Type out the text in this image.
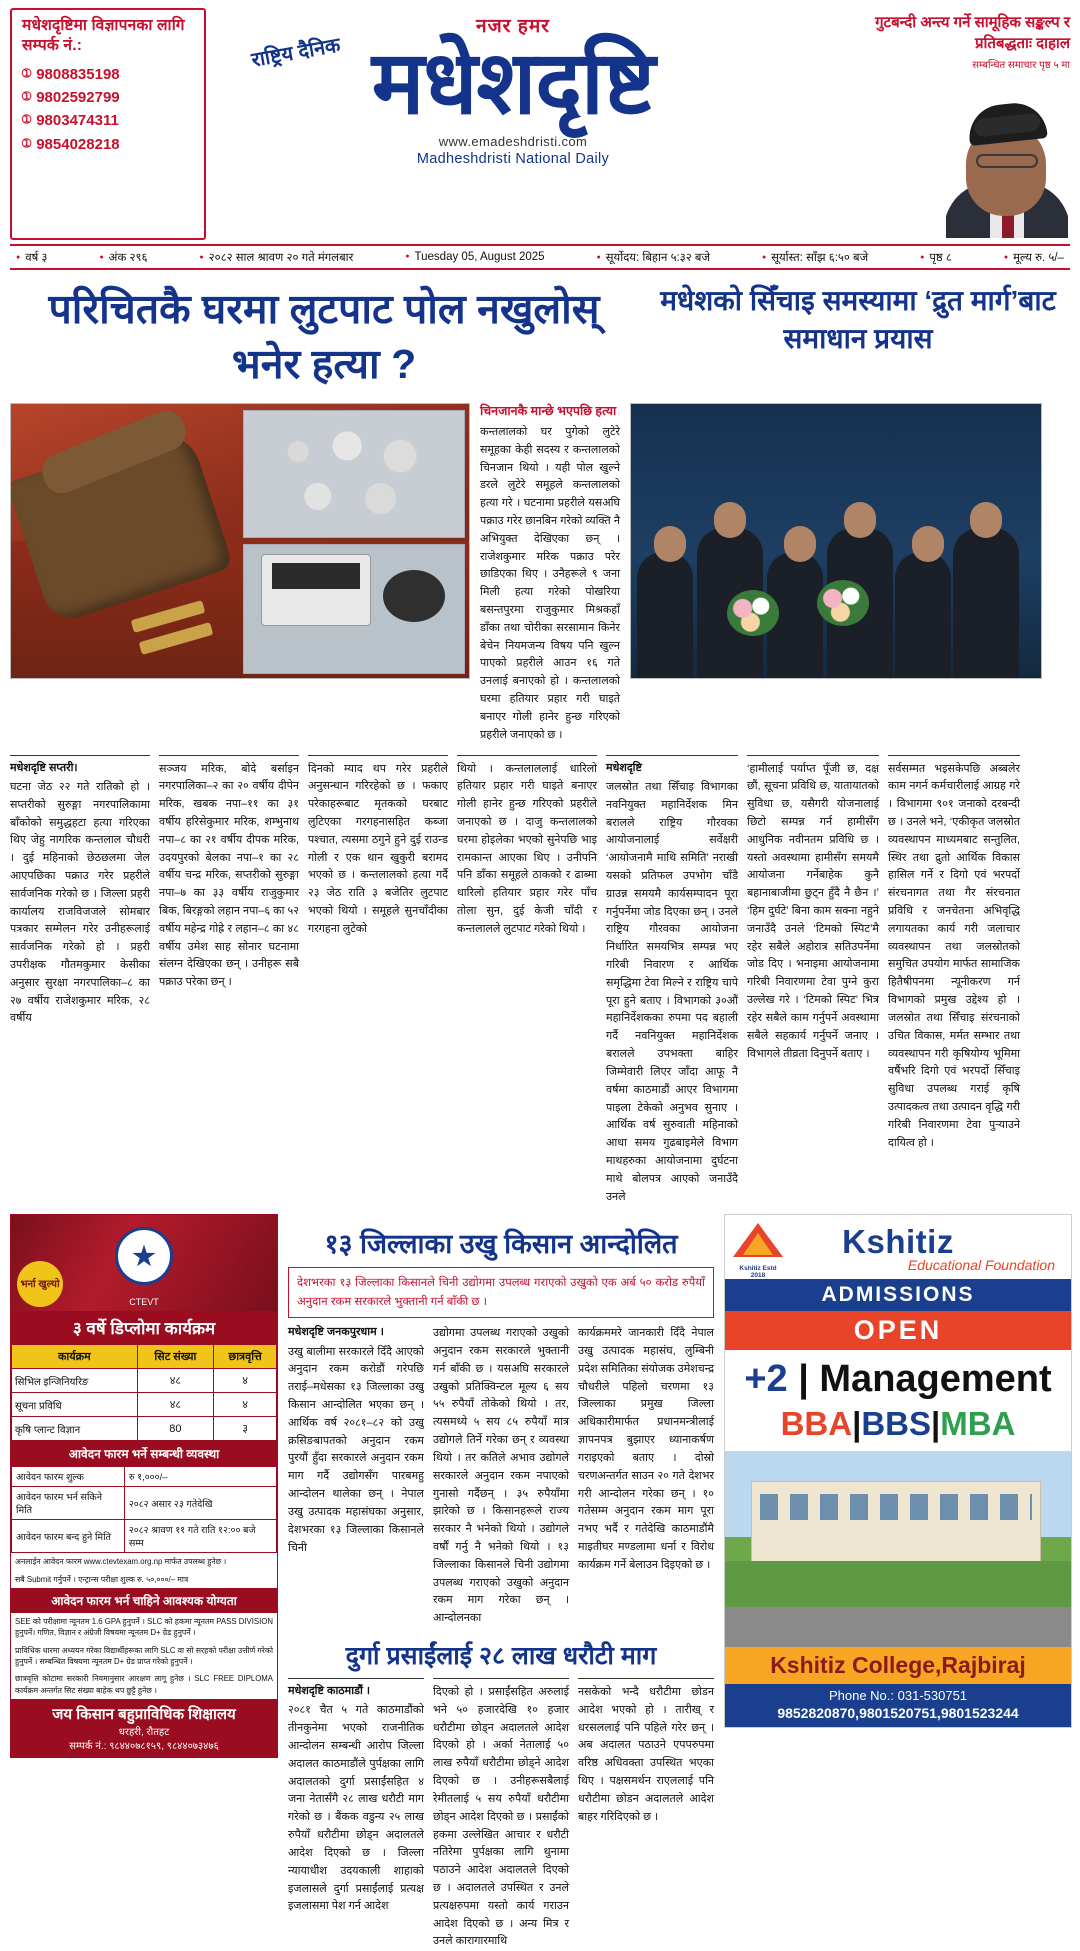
मधेशदृष्टिमा विज्ञापनका लागि सम्पर्क नं.:
➀ 9808835198
➀ 9802592799
➀ 9803474311
➀ 9854028218
नजर हमर
राष्ट्रिय दैनिक मधेशदृष्टि
www.emadeshdristi.com
Madheshdristi National Daily
गुटबन्दी अन्त्य गर्ने सामूहिक सङ्कल्प र प्रतिबद्धताः दाहाल
सम्बन्धित समाचार पृष्ठ ५ मा
● वर्ष ३	● अंक २९६	● २०८२ साल श्रावण २० गते मंगलबार	● Tuesday 05, August 2025	● सूर्योदय: बिहान ५:३२ बजे	● सूर्यास्त: साँझ ६:५० बजे	● पृष्ठ ८	● मूल्य रु. ५/–
परिचितकै घरमा लुटपाट पोल नखुलोस् भनेर हत्या ?
मधेशको सिँचाइ समस्यामा ‘द्रुत मार्ग’बाट समाधान प्रयास
चिनजानकै मान्छे भएपछि हत्या
कन्तलालको घर पुगेको लुटेरे समूहका केही सदस्य र कन्तलालको चिनजान थियो । यही पोल खुल्ने डरले लुटेरे समूहले कन्तलालको हत्या गरे । घटनामा प्रहरीले यसअघि पक्राउ गरेर छानबिन गरेको व्यक्ति नै अभियुक्त देखिएका छन् । राजेशकुमार मरिक पक्राउ परेर छाडिएका थिए । उनैहरूले ९ जना मिली हत्या गरेको पोखरिया बसन्तपुरमा राजुकुमार मिश्रकहाँ डाँका तथा चोरीका सरसामान किनेर बेचेन नियमजन्य विषय पनि खुल्न पाएको प्रहरीले आउन १६ गते उनलाई बनाएको हो । कन्तलालको घरमा हतियार प्रहार गरी घाइते बनाएर गोली हानेर हुन्छ गरिएको प्रहरीले जनाएको छ ।
मधेशदृष्टि सप्तरी।
घटना जेठ २२ गते रातिको हो । सप्तरीको सुरुङ्गा नगरपालिकामा बाँकोको समुद्धहटा हत्या गरिएका थिए जेहु नागरिक कन्तलाल चौधरी । दुई महिनाको छेठछलमा जेल आएपछिका पक्राउ गरेर प्रहरीले सार्वजनिक गरेको छ । जिल्ला प्रहरी कार्यालय राजविजजले सोमबार पत्रकार सम्मेलन गरेर उनीहरूलाई सार्वजनिक गरेको हो । प्रहरी उपरीक्षक गौतमकुमार केसीका अनुसार सुरक्षा नगरपालिका–८ का २७ वर्षीय राजेशकुमार मरिक, २८ वर्षीय
सञ्जय मरिक, बोदे बर्साइन नगरपालिका–२ का २० वर्षीय दीपेन मरिक, खबक नपा–११ का ३१ वर्षीय हरिसेकुमार मरिक, शम्भुनाथ नपा–८ का २१ वर्षीय दीपक मरिक, उदयपुरको बेलका नपा–१ का २८ वर्षीय चन्द्र मरिक, सप्तरीको सुरुङ्गा नपा–७ का ३३ वर्षीय राजुकुमार बिक, बिरङ्गको लहान नपा–६ का ५२ वर्षीय महेन्द्र गोह्रे र लहान–८ का ४८ वर्षीय उमेश साह सोनार घटनामा संलग्न देखिएका छन् । उनीहरू सबै पक्राउ परेका छन् ।
दिनको म्याद थप गरेर प्रहरीले अनुसन्धान गरिरहेको छ । फकाए परेकाहरूबाट मृतकको घरबाट लुटिएका गरगहनासहित कब्जा पश्चात, त्यसमा ठगुने हुने दुई राउन्ड गोली र एक थान खुकुरी बरामद भएको छ । कन्तलालको हत्या गर्दै २३ जेठ राति ३ बजेतिर लुटपाट भएको थियो । समूहले सुनचाँदीका गरगहना लुटेको
थियो । कन्तलाललाई धारिलो हतियार प्रहार गरी घाइते बनाएर गोली हानेर हुन्छ गरिएको प्रहरीले जनाएको छ । दाजु कन्तलालको घरमा होइलेका भएको सुनेपछि भाइ रामकान्त आएका थिए । उनीपनि पनि डाँका समूहले ठाकको र ढाब्मा धारिलो हतियार प्रहार गरेर पाँच तोला सुन, दुई केजी चाँदी र कन्तलालले लुटपाट गरेको थियो ।
मधेशदृष्टि
जलस्रोत तथा सिँचाइ विभागका नवनियुक्त महानिर्देशक मिन बरालले राष्ट्रिय गौरवका आयोजनालाई सर्वेक्षरी ‘आयोजनामै माथि समिति’ नराखी यसको प्रतिफल उपभोग चाँडै ग्राउन्न समयमै कार्यसम्पादन पूरा गर्नुपर्नेमा जोड दिएका छन् । उनले राष्ट्रिय गौरवका आयोजना निर्धारित समयभित्र सम्पन्न भए गरिबी निवारण र आर्थिक समृद्धिमा टेवा मिल्ने र राष्ट्रिय चापे पूरा हुने बताए । विभागको ३०औं महानिर्देशकका रुपमा पद बहाली गर्दै नवनियुक्त महानिर्देशक बरालले उपभक्ता बाहिर जिम्मेवारी लिएर जाँदा आफू नै वर्षमा काठमाडौं आएर विभागमा पाइला टेकेको अनुभव सुनाए । आर्थिक वर्ष सुरुवाती महिनाको आधा समय गुढबाइमेले विभाग माथहरुका आयोजनामा दुर्घटना माथे बोलपत्र आएको जनाउँदै उनले
‘हामीलाई पर्याप्त पूँजी छ, दक्ष छौं, सूचना प्रविधि छ, यातायातको सुविधा छ, यसैगरी योजनालाई छिटो सम्पन्न गर्न हामीसँग आधुनिक नवीनतम प्रविधि छ । यस्तो अवस्थामा हामीसँग समयमै आयोजना गर्नेबाहेक कुनै बहानाबाजीमा छुट्न हुँदै नै छैन ।’ ‘हिम दुर्घटे’ बिना काम सक्ना नहुने जनाउँदै उनले ‘टिमको स्पिट’मै रहेर सबैले अहोरात्र सतिउपर्नेमा जोड दिए । भनाइमा आयोजनामा गरिबी निवारणमा टेवा पुग्ने कुरा उल्लेख गरे । ‘टिमको स्पिट’ भित्र रहेर सबैले काम गर्नुपर्ने अवस्थामा सबैले सहकार्य गर्नुपर्ने जनाए । विभागले तीव्रता दिनुपर्ने बताए ।
सर्वसम्मत भइसकेपछि अब्बलेर काम नगर्न कर्मचारीलाई आग्रह गरे । विभागमा ९०१ जनाको दरबन्दी छ । उनले भने, ‘एकीकृत जलस्रोत व्यवस्थापन माध्यमबाट सन्तुलित, स्थिर तथा द्रुतो आर्थिक विकास हासिल गर्ने र दिगो एवं भरपर्दो संरचनागत तथा गैर संरचनात प्रविधि र जनचेतना अभिवृद्धि लगायतका कार्य गरी जलाचार व्यवस्थापन तथा जलस्रोतको समुचित उपयोग मार्फत सामाजिक हितैषीपनमा न्यूनीकरण गर्न विभागको प्रमुख उद्देश्य हो । जलस्रोत तथा सिँचाइ संरचनाको उचित विकास, मर्मत सम्भार तथा व्यवस्थापन गरी कृषियोग्य भूमिमा वर्षैभरि दिगो एवं भरपर्दो सिँचाइ सुविधा उपलब्ध गराई कृषि उत्पादकत्व तथा उत्पादन वृद्धि गरी गरिबी निवारणमा टेवा पुऱ्याउने दायित्व हो ।
भर्ना खुल्यो
CTEVT
३ वर्षे डिप्लोमा कार्यक्रम
कार्यक्रम	सिट संख्या	छात्रवृत्ति
सिभिल इन्जिनियरिङ	४८	४
सूचना प्रविधि	४८	४
कृषि प्लान्ट विज्ञान	80	३
आवेदन फारम भर्ने सम्बन्धी व्यवस्था
आवेदन फारम शुल्क	रु १,०००/–
आवेदन फारम भर्न सकिने मिति	२०८२ असार २३ गतेदेखि
आवेदन फारम बन्द हुने मिति	२०८२ श्रावण ११ गते राति १२:०० बजे सम्म
अनलाईन आवेदन फारम www.ctevtexam.org.np मार्फत उपलब्ध हुनेछ ।
सबै Submit गर्नुपर्ने । एन्ट्रान्स परीक्षा शुल्क रु. ५०,०००/– मात्र
आवेदन फारम भर्न चाहिने आवश्यक योग्यता
SEE को परीक्षामा न्यूनतम 1.6 GPA हुनुपर्ने । SLC को हकमा न्यूनतम PASS DIVISION हुनुपर्ने। गणित, विज्ञान र अंग्रेजी विषयमा न्यूनतम D+ ग्रेड हुनुपर्ने ।
प्राविधिक धारमा अध्ययन गरेका विद्यार्थीहरूका लागि SLC वा सो सरहको परीक्षा उत्तीर्ण गरेको हुनुपर्ने । सम्बन्धित विषयमा न्यूनतम D+ ग्रेड प्राप्त गरेको हुनुपर्ने ।
छात्रवृत्ति कोटामा सरकारी नियमानुसार आरक्षण लागू हुनेछ । SLC FREE DIPLOMA कार्यक्रम अन्तर्गत सिट संख्या बाहेक थप छुट्टै हुनेछ ।
जय किसान बहुप्राविधिक शिक्षालय
धरहरी, रौतहट
सम्पर्क नं.: ९८४४०७८१५९, ९८४४०७३४७६
१३ जिल्लाका उखु किसान आन्दोलित
देशभरका १३ जिल्लाका किसानले चिनी उद्योगमा उपलब्ध गराएको उखुको एक अर्ब ५० करोड रुपैयाँ अनुदान रकम सरकारले भुक्तानी गर्न बाँकी छ ।
मधेशदृष्टि जनकपुरधाम ।
उखु बालीमा सरकारले दिँदै आएको अनुदान रकम करोडौं गरेपछि तराई–मधेसका १३ जिल्लाका उखु किसान आन्दोलित भएका छन् । आर्थिक वर्ष २०८१–८२ को उखु क्रसिङबापतको अनुदान रकम पुरयौं हुँदा सरकारले अनुदान रकम माग गर्दै उद्योगसँग पारबमहु आन्दोलन थालेका छन् । नेपाल उखु उत्पादक महासंघका अनुसार, देशभरका १३ जिल्लाका किसानले चिनी
उद्योगमा उपलब्ध गराएको उखुको अनुदान रकम सरकारले भुक्तानी गर्न बाँकी छ । यसअघि सरकारले उखुको प्रतिक्विन्टल मूल्य ६ सय ५५ रुपैयाँ तोकेको थियो । तर, त्यसमध्ये ५ सय ८५ रुपैयाँ मात्र उद्योगले तिर्ने गरेका छन् र व्यवस्था थियो । तर कतिले अभाव उद्योगले सरकारले अनुदान रकम नपाएको गुनासो गर्दैछन् । ३५ रुपैयाँमा झारेको छ । किसानहरूले राज्य सरकार नै भनेको थियो । उद्योगले वर्षौं गर्नु नै भनेको थियो । १३ जिल्लाका किसानले चिनी उद्योगमा उपलब्ध गराएको उखुको अनुदान रकम माग गरेका छन् । आन्दोलनका
कार्यक्रममरे जानकारी दिँदै नेपाल उखु उत्पादक महासंघ, लुम्बिनी प्रदेश समितिका संयोजक उमेशचन्द्र चौधरीले पहिलो चरणमा १३ जिल्लाका प्रमुख जिल्ला अधिकारीमार्फत प्रधानमन्त्रीलाई ज्ञापनपत्र बुझाएर ध्यानाकर्षण गराइएको बताए । दोस्रो चरणअन्तर्गत साउन २० गते देशभर गरी आन्दोलन गरेका छन् । १० गतेसम्म अनुदान रकम माग पूरा नभए भर्दै र गतेदेखि काठमाडौंमै माइतीघर मण्डलामा धर्ना र विरोध कार्यक्रम गर्ने बेलाउन दिइएको छ ।
दुर्गा प्रसाईंलाई २८ लाख धरौटी माग
मधेशदृष्टि काठमाडौं ।
२०८१ चैत ५ गते काठमाडौंको तीनकुनेमा भएको राजनीतिक आन्दोलन सम्बन्धी आरोप जिल्ला अदालत काठमाडौंले पुर्पक्षका लागि अदालतको दुर्गा प्रसाईंसहित ४ जना नेतासँगै २८ लाख धरौटी माग गरेको छ । बैंकक वडुन्य २५ लाख रुपैयाँ धरौटीमा छोड्न अदालतले आदेश दिएको छ । जिल्ला न्यायाधीश उदयकाली शाहाको इजलासले दुर्गा प्रसाईंलाई प्रत्यक्ष इजलासमा पेश गर्न आदेश
दिएको हो । प्रसाईंसहित अरुलाई भने ५० हजारदेखि १० हजार धरौटीमा छोड्न अदालतले आदेश दिएको हो । अर्का नेतालाई ५० लाख रुपैयाँ धरौटीमा छोड्ने आदेश दिएको छ । उनीहरूसबैलाई रेमीतलाई ५ सय रुपैयाँ धरौटीमा छोड्न आदेश दिएको छ । प्रसाईंको हकमा उल्लेखित आचार र धरौटी नतिरेमा पुर्पक्षका लागि थुनामा पठाउने आदेश अदालतले दिएको छ । अदालतले उपस्थित र उनले प्रत्यक्षरुपमा यस्तो कार्य गराउन आदेश दिएको छ । अन्य मित्र र उनले कारागारमाथि
नसकेको भन्दै धरौटीमा छोडन आदेश भएको हो । तारीख् र धरसललाई पनि पहिले गरेर छन् । अब अदालत पठाउने एपपरुपमा वरिष्ठ अधिवक्ता उपस्थित भएका थिए । पक्षसमर्थन राएललाई पनि धरौटीमा छोडन अदालतले आदेश बाहर गरिदिएको छ ।
Kshitiz Estd 2018
Kshitiz
Educational Foundation
ADMISSIONS
OPEN
+2 | Management
BBA|BBS|MBA
Kshitiz College,Rajbiraj
Phone No.: 031-530751
9852820870,9801520751,9801523244
